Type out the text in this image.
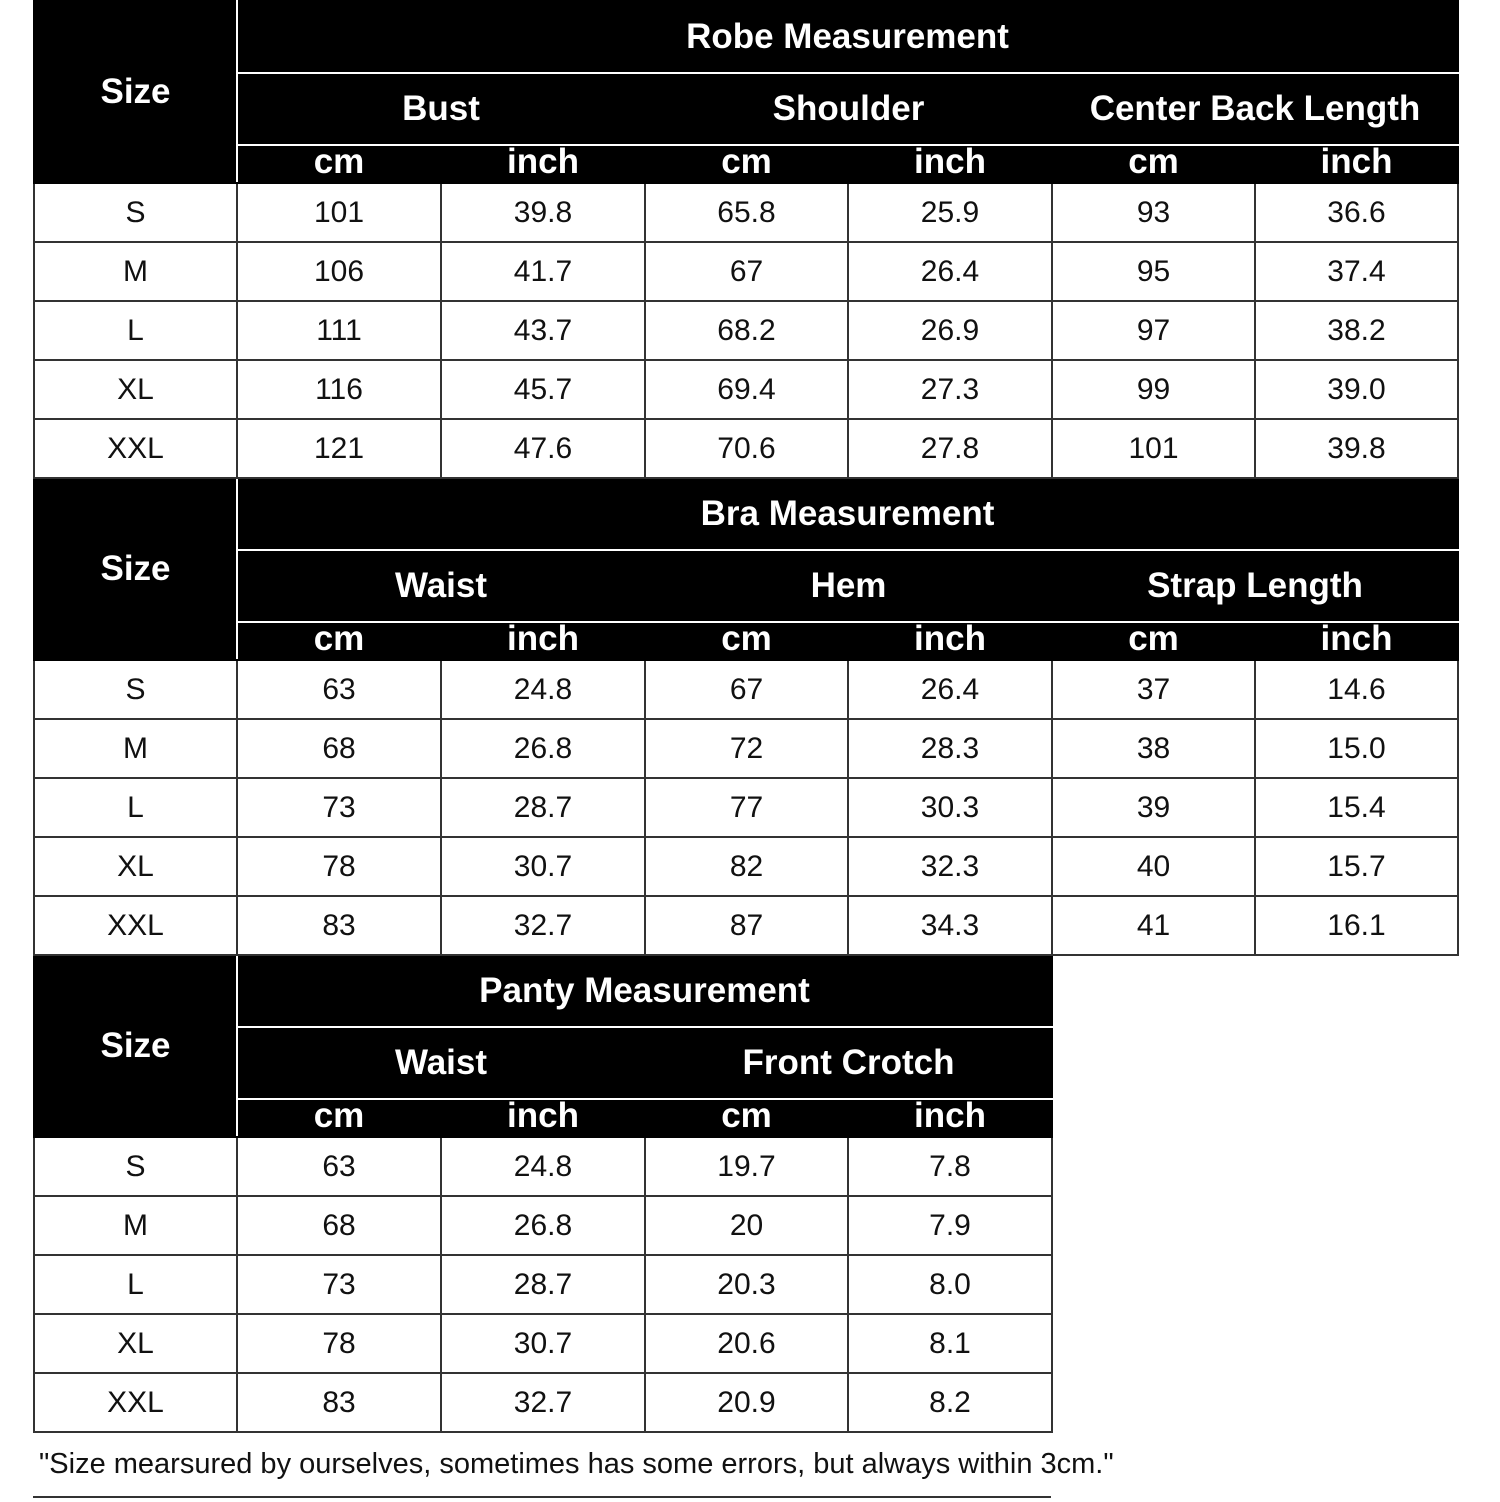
Size	Robe Measurement					
	Bust		Shoulder		Center Back Length	
	cm	inch	cm	inch	cm	inch
S	101	39.8	65.8	25.9	93	36.6
M	106	41.7	67	26.4	95	37.4
L	111	43.7	68.2	26.9	97	38.2
XL	116	45.7	69.4	27.3	99	39.0
XXL	121	47.6	70.6	27.8	101	39.8
Size	Bra Measurement					
	Waist		Hem		Strap Length	
	cm	inch	cm	inch	cm	inch
S	63	24.8	67	26.4	37	14.6
M	68	26.8	72	28.3	38	15.0
L	73	28.7	77	30.3	39	15.4
XL	78	30.7	82	32.3	40	15.7
XXL	83	32.7	87	34.3	41	16.1
Size	Panty Measurement					
	Waist		Front Crotch			
	cm	inch	cm	inch		
S	63	24.8	19.7	7.8		
M	68	26.8	20	7.9		
L	73	28.7	20.3	8.0		
XL	78	30.7	20.6	8.1		
XXL	83	32.7	20.9	8.2		
"Size mearsured by ourselves, sometimes has some errors, but always within 3cm."
